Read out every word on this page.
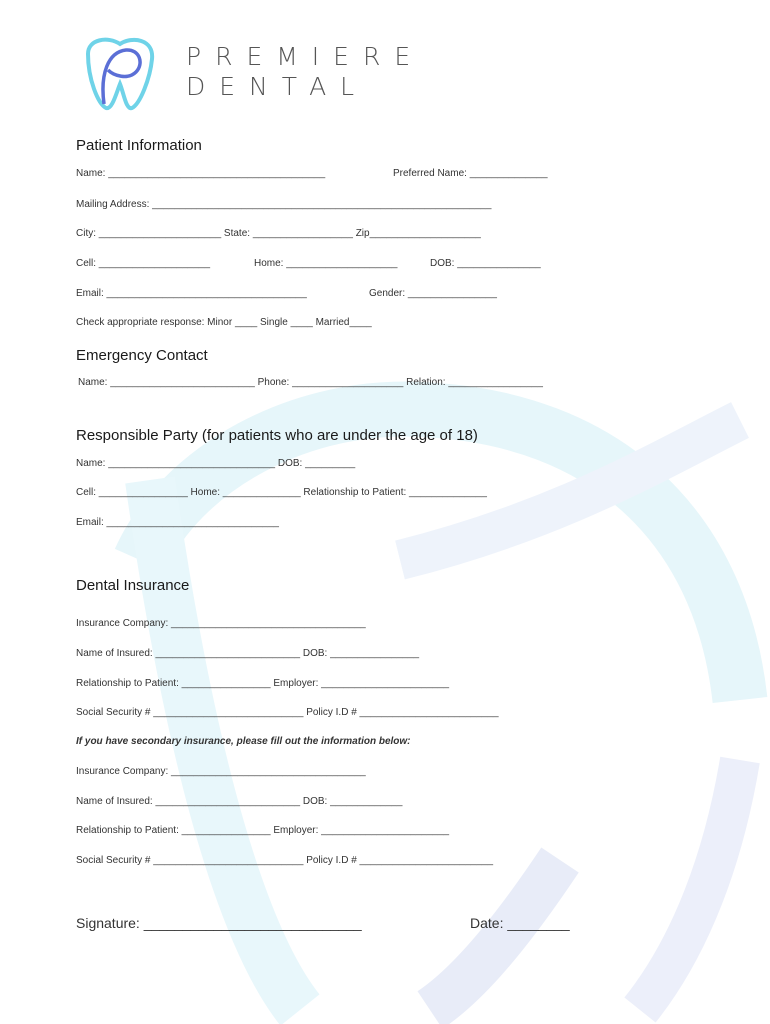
PREMIERE
DENTAL
Patient Information
Name: _______________________________________	Preferred Name: ______________
Mailing Address: _____________________________________________________________
City: ______________________ State: __________________ Zip____________________
Cell: ____________________	Home: ____________________	DOB: _______________
Email: ____________________________________	Gender: ________________
Check appropriate response: Minor ____ Single ____ Married____
Emergency Contact
Name: __________________________ Phone: ____________________ Relation: _________________
Responsible Party (for patients who are under the age of 18)
Name: ______________________________ DOB: _________
Cell: ________________ Home: ______________ Relationship to Patient: ______________
Email: _______________________________
Dental Insurance
Insurance Company: ___________________________________
Name of Insured: __________________________ DOB: ________________
Relationship to Patient: ________________ Employer: _______________________
Social Security # ___________________________ Policy I.D # _________________________
If you have secondary insurance, please fill out the information below:
Insurance Company: ___________________________________
Name of Insured: __________________________ DOB: _____________
Relationship to Patient: ________________ Employer: _______________________
Social Security # ___________________________ Policy I.D # ________________________
Signature: ____________________________	Date: ________
